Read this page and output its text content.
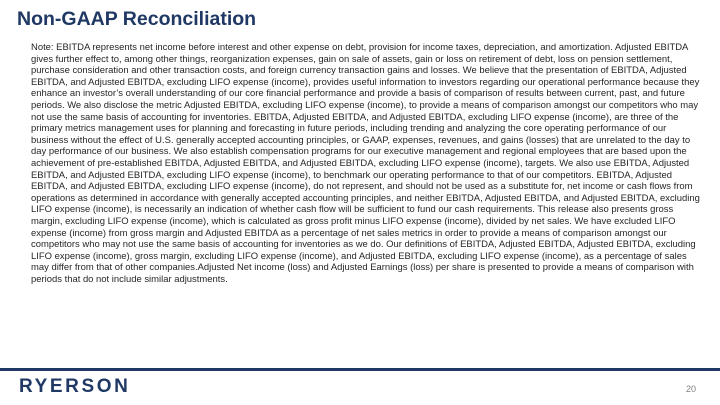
Non-GAAP Reconciliation

Note: EBITDA represents net income before interest and other expense on debt, provision for income taxes, depreciation, and amortization. Adjusted EBITDA gives further effect to, among other things, reorganization expenses, gain on sale of assets, gain or loss on retirement of debt, loss on pension settlement, purchase consideration and other transaction costs, and foreign currency transaction gains and losses. We believe that the presentation of EBITDA, Adjusted EBITDA, and Adjusted EBITDA, excluding LIFO expense (income), provides useful information to investors regarding our operational performance because they enhance an investor’s overall understanding of our core financial performance and provide a basis of comparison of results between current, past, and future periods. We also disclose the metric Adjusted EBITDA, excluding LIFO expense (income), to provide a means of comparison amongst our competitors who may not use the same basis of accounting for inventories. EBITDA, Adjusted EBITDA, and Adjusted EBITDA, excluding LIFO expense (income), are three of the primary metrics management uses for planning and forecasting in future periods, including trending and analyzing the core operating performance of our business without the effect of U.S. generally accepted accounting principles, or GAAP, expenses, revenues, and gains (losses) that are unrelated to the day to day performance of our business. We also establish compensation programs for our executive management and regional employees that are based upon the achievement of pre-established EBITDA, Adjusted EBITDA, and Adjusted EBITDA, excluding LIFO expense (income), targets. We also use EBITDA, Adjusted EBITDA, and Adjusted EBITDA, excluding LIFO expense (income), to benchmark our operating performance to that of our competitors. EBITDA, Adjusted EBITDA, and Adjusted EBITDA, excluding LIFO expense (income), do not represent, and should not be used as a substitute for, net income or cash flows from operations as determined in accordance with generally accepted accounting principles, and neither EBITDA, Adjusted EBITDA, and Adjusted EBITDA, excluding LIFO expense (income), is necessarily an indication of whether cash flow will be sufficient to fund our cash requirements. This release also presents gross margin, excluding LIFO expense (income), which is calculated as gross profit minus LIFO expense (income), divided by net sales. We have excluded LIFO expense (income) from gross margin and Adjusted EBITDA as a percentage of net sales metrics in order to provide a means of comparison amongst our competitors who may not use the same basis of accounting for inventories as we do. Our definitions of EBITDA, Adjusted EBITDA, Adjusted EBITDA, excluding LIFO expense (income), gross margin, excluding LIFO expense (income), and Adjusted EBITDA, excluding LIFO expense (income), as a percentage of sales may differ from that of other companies.Adjusted Net income (loss) and Adjusted Earnings (loss) per share is presented to provide a means of comparison with periods that do not include similar adjustments.

RYERSON	20
